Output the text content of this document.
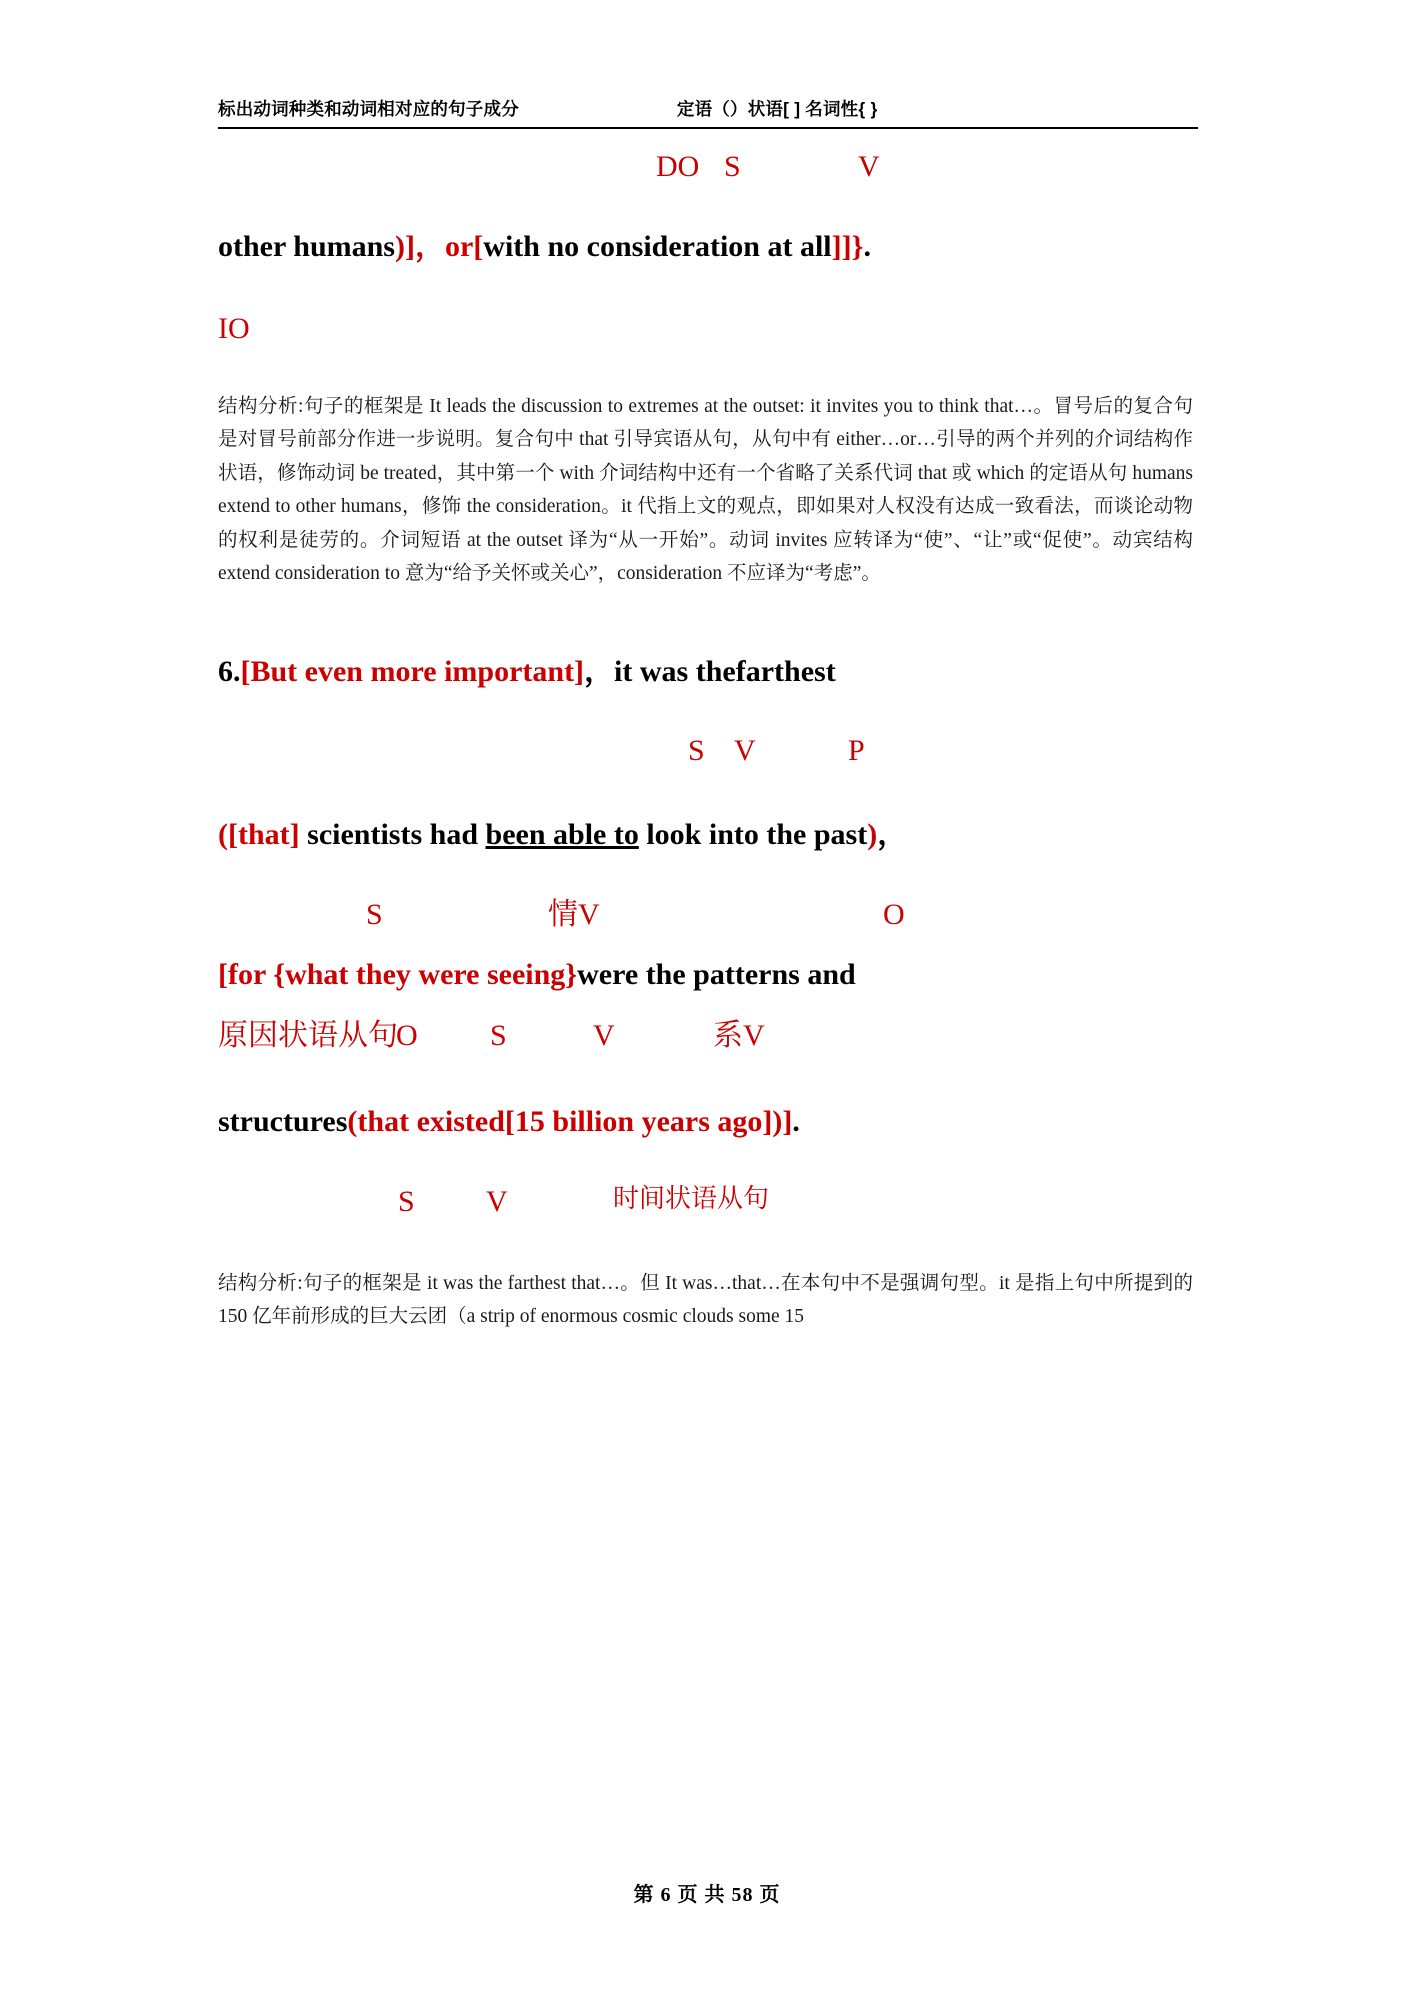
标出动词种类和动词相对应的句子成分	定语（）状语[ ] 名词性{ }
DO S	V

other humans)]，or[with no consideration at all]]}.

IO
结构分析:句子的框架是 It leads the discussion to extremes at the outset: it invites you to think that…。冒号后的复合句是对冒号前部分作进一步说明。复合句中 that 引导宾语从句，从句中有 either…or…引导的两个并列的介词结构作状语，修饰动词 be treated，其中第一个 with 介词结构中还有一个省略了关系代词 that 或 which 的定语从句 humans extend to other humans，修饰 the consideration。it 代指上文的观点，即如果对人权没有达成一致看法，而谈论动物的权利是徒劳的。介词短语 at the outset 译为“从一开始”。动词 invites 应转译为“使”、“让”或“促使”。动宾结构 extend consideration to 意为“给予关怀或关心”，consideration 不应译为“考虑”。

6.[But even more important]，it was thefarthest

S V	P

([that] scientists had been able to look into the past)，

S	情V	O

[for {what they were seeing}were the patterns and

原因状语从句
O S	V	系V

structures(that existed[15 billion years ago])].

S V	时间状语从句
结构分析:句子的框架是 it was the farthest that…。但 It was…that…在本句中不是强调句型。it 是指上句中所提到的 150 亿年前形成的巨大云团（a strip of enormous cosmic clouds some 15
第 6 页 共 58 页
